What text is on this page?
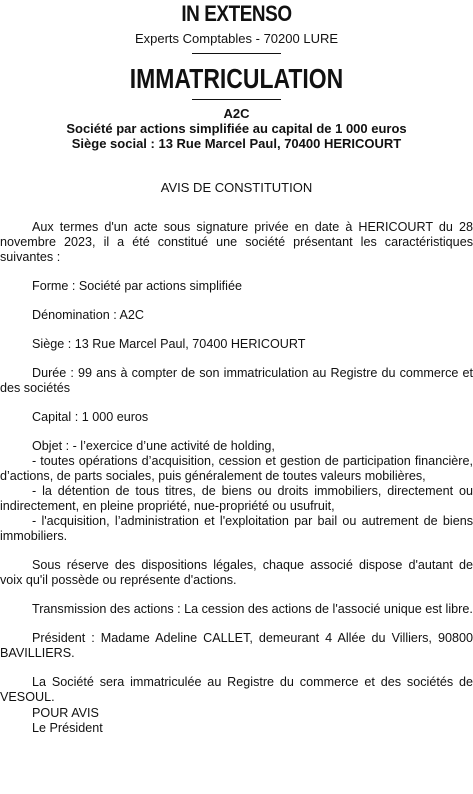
IN EXTENSO
Experts Comptables - 70200 LURE
IMMATRICULATION
A2C
Société par actions simplifiée au capital de 1 000 euros
Siège social : 13 Rue Marcel Paul, 70400 HERICOURT
AVIS DE CONSTITUTION

Aux termes d'un acte sous signature privée en date à HERICOURT du 28 novembre 2023, il a été constitué une société présentant les caractéristiques suivantes :

Forme : Société par actions simplifiée

Dénomination : A2C

Siège : 13 Rue Marcel Paul, 70400 HERICOURT

Durée : 99 ans à compter de son immatriculation au Registre du commerce et des sociétés

Capital : 1 000 euros

Objet : - l’exercice d’une activité de holding,

- toutes opérations d’acquisition, cession et gestion de participation financière, d’actions, de parts sociales, puis généralement de toutes valeurs mobilières,

- la détention de tous titres, de biens ou droits immobiliers, directement ou indirectement, en pleine propriété, nue-propriété ou usufruit,

- l'acquisition, l’administration et l'exploitation par bail ou autrement de biens immobiliers.

Sous réserve des dispositions légales, chaque associé dispose d'autant de voix qu'il possède ou représente d'actions.

Transmission des actions : La cession des actions de l'associé unique est libre.

Président : Madame Adeline CALLET, demeurant 4 Allée du Villiers, 90800 BAVILLIERS.

La Société sera immatriculée au Registre du commerce et des sociétés de VESOUL.

POUR AVIS
Le Président
